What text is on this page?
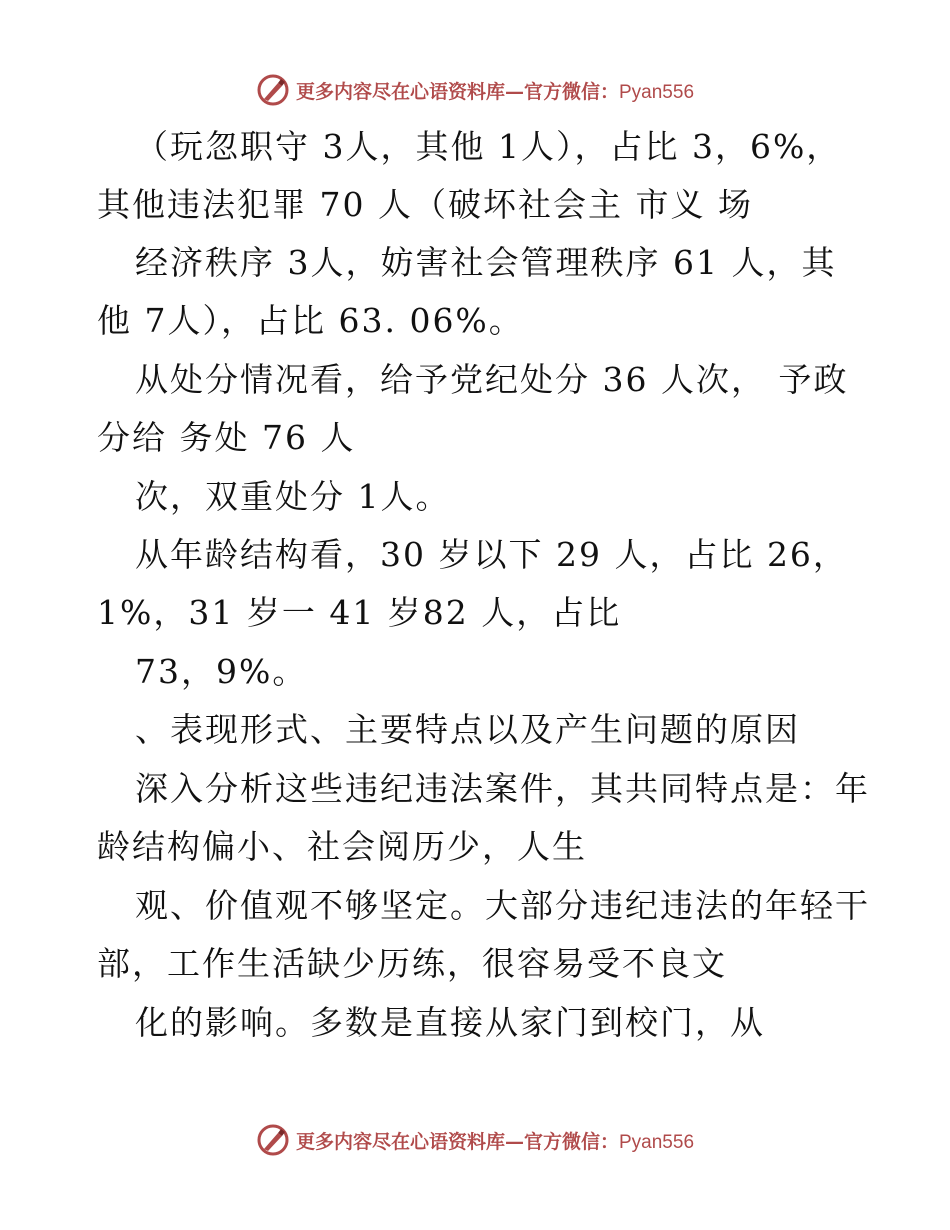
更多内容尽在心语资料库—官方微信：Pyan556
（玩忽职守 3人，其他 1人），占比 3，6%，
其他违法犯罪 70 人（破坏社会主 市义 场
经济秩序 3人，妨害社会管理秩序 61 人，其
他 7人），占比 63. 06%。
从处分情况看，给予党纪处分 36 人次， 予政
分给 务处 76 人
次，双重处分 1人。
从年龄结构看，30 岁以下 29 人，占比 26，
1%，31 岁一 41 岁82 人，占比
73，9%。
、表现形式、主要特点以及产生问题的原因
深入分析这些违纪违法案件，其共同特点是：年
龄结构偏小、社会阅历少，人生
观、价值观不够坚定。大部分违纪违法的年轻干
部，工作生活缺少历练，很容易受不良文
化的影响。多数是直接从家门到校门，从
更多内容尽在心语资料库—官方微信：Pyan556
